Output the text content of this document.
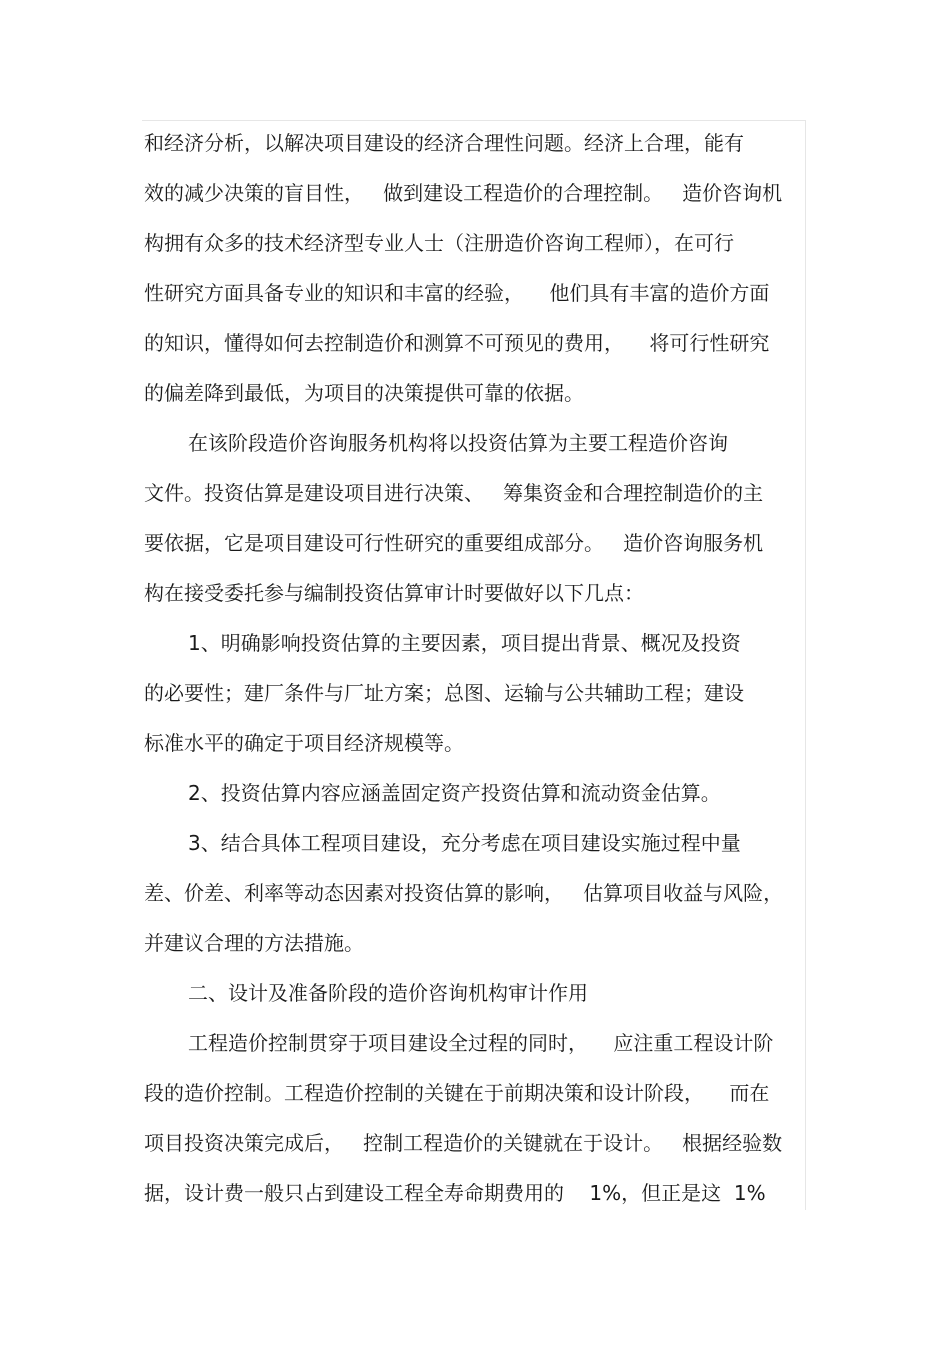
和经济分析，以解决项目建设的经济合理性问题。经济上合理，能有
效的减少决策的盲目性，   做到建设工程造价的合理控制。   造价咨询机
构拥有众多的技术经济型专业人士（注册造价咨询工程师），在可行
性研究方面具备专业的知识和丰富的经验，    他们具有丰富的造价方面
的知识，懂得如何去控制造价和测算不可预见的费用，    将可行性研究
的偏差降到最低，为项目的决策提供可靠的依据。
在该阶段造价咨询服务机构将以投资估算为主要工程造价咨询
文件。投资估算是建设项目进行决策、   筹集资金和合理控制造价的主
要依据，它是项目建设可行性研究的重要组成部分。   造价咨询服务机
构在接受委托参与编制投资估算审计时要做好以下几点：
1、明确影响投资估算的主要因素，项目提出背景、概况及投资
的必要性；建厂条件与厂址方案；总图、运输与公共辅助工程；建设
标准水平的确定于项目经济规模等。
2、投资估算内容应涵盖固定资产投资估算和流动资金估算。
3、结合具体工程项目建设，充分考虑在项目建设实施过程中量
差、价差、利率等动态因素对投资估算的影响，   估算项目收益与风险，
并建议合理的方法措施。
二、设计及准备阶段的造价咨询机构审计作用
工程造价控制贯穿于项目建设全过程的同时，    应注重工程设计阶
段的造价控制。工程造价控制的关键在于前期决策和设计阶段，    而在
项目投资决策完成后，   控制工程造价的关键就在于设计。   根据经验数
据，设计费一般只占到建设工程全寿命期费用的    1%，但正是这  1%
